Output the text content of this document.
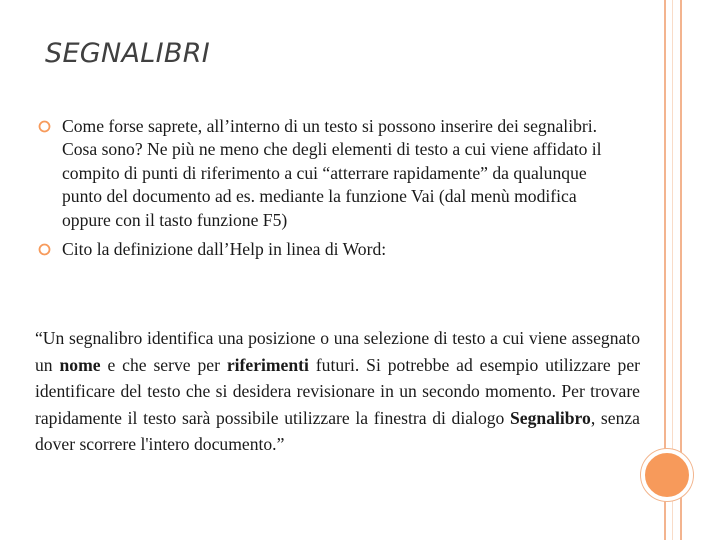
SEGNALIBRI
Come forse saprete, all’interno di un testo si possono inserire dei segnalibri. Cosa sono? Ne più ne meno che degli elementi di testo a cui viene affidato il compito di punti di riferimento a cui “atterrare rapidamente” da qualunque punto del documento ad es. mediante la funzione Vai (dal menù modifica oppure con il tasto funzione F5)
Cito la definizione dall’Help in linea di Word:

“Un segnalibro identifica una posizione o una selezione di testo a cui viene assegnato un nome e che serve per riferimenti futuri. Si potrebbe ad esempio utilizzare per identificare del testo che si desidera revisionare in un secondo momento. Per trovare rapidamente il testo sarà possibile utilizzare la finestra di dialogo Segnalibro, senza dover scorrere l'intero documento.”
